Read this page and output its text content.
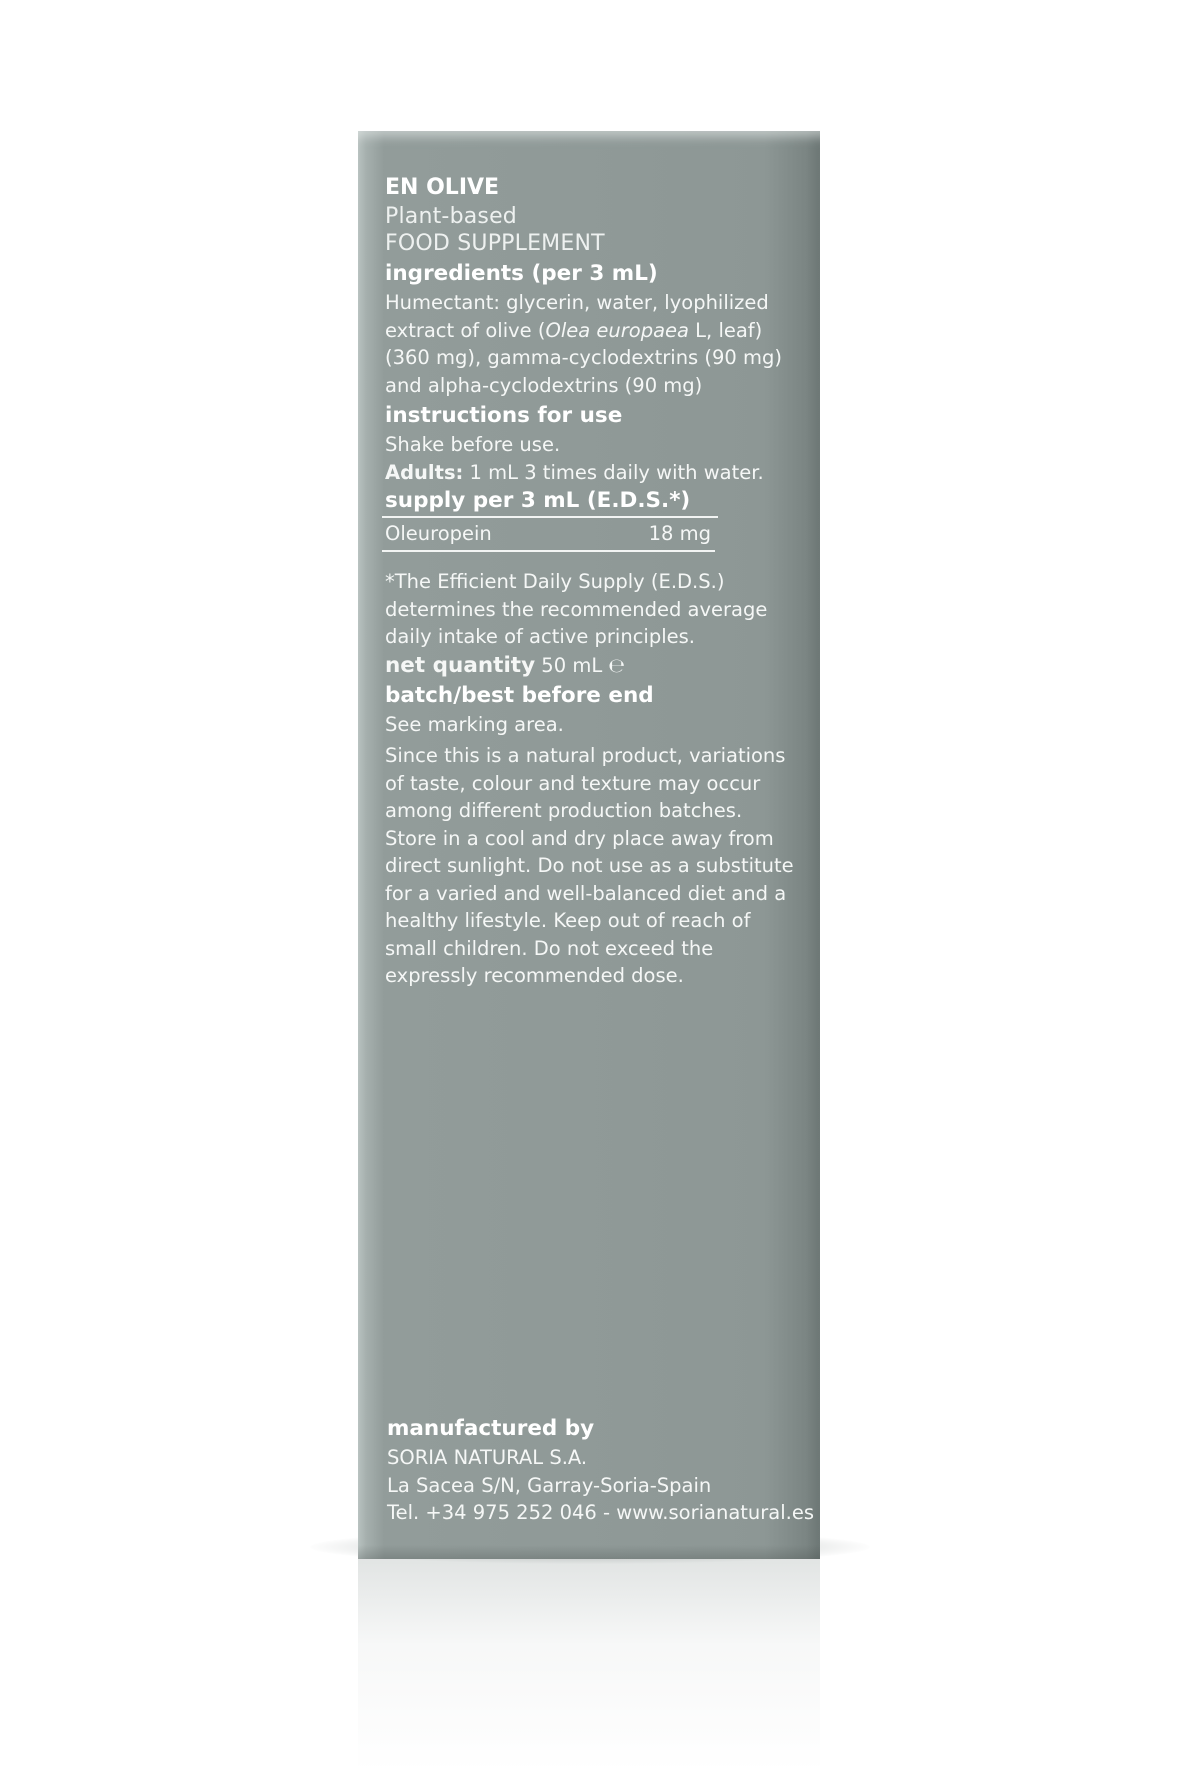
EN OLIVE
Plant-based
FOOD SUPPLEMENT
ingredients (per 3 mL)
Humectant: glycerin, water, lyophilized
extract of olive (Olea europaea L, leaf)
(360 mg), gamma-cyclodextrins (90 mg)
and alpha-cyclodextrins (90 mg)
instructions for use
Shake before use.
Adults: 1 mL 3 times daily with water.
supply per 3 mL (E.D.S.*)
Oleuropein	18 mg
*The Efficient Daily Supply (E.D.S.)
determines the recommended average
daily intake of active principles.
net quantity 50 mL ℮
batch/best before end
See marking area.
Since this is a natural product, variations
of taste, colour and texture may occur
among different production batches.
Store in a cool and dry place away from
direct sunlight. Do not use as a substitute
for a varied and well-balanced diet and a
healthy lifestyle. Keep out of reach of
small children. Do not exceed the
expressly recommended dose.
manufactured by
SORIA NATURAL S.A.
La Sacea S/N, Garray-Soria-Spain
Tel. +34 975 252 046 - www.sorianatural.es
